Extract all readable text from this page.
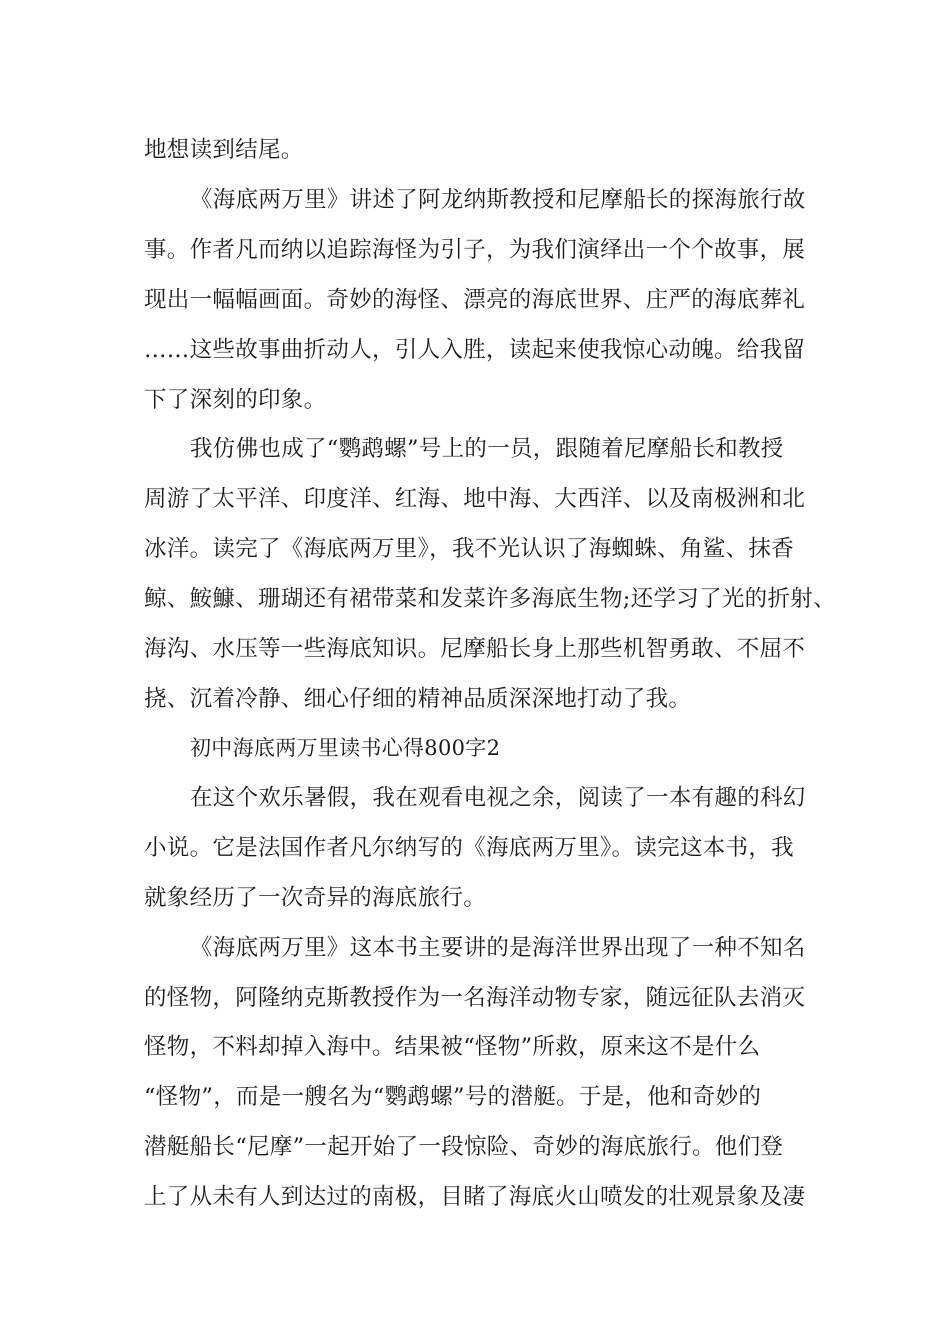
地想读到结尾。
《海底两万里》讲述了阿龙纳斯教授和尼摩船长的探海旅行故
事。作者凡而纳以追踪海怪为引子，为我们演绎出一个个故事，展
现出一幅幅画面。奇妙的海怪、漂亮的海底世界、庄严的海底葬礼
……这些故事曲折动人，引人入胜，读起来使我惊心动魄。给我留
下了深刻的印象。
我仿佛也成了“鹦鹉螺”号上的一员，跟随着尼摩船长和教授
周游了太平洋、印度洋、红海、地中海、大西洋、以及南极洲和北
冰洋。读完了《海底两万里》，我不光认识了海蜘蛛、角鲨、抹香
鲸、鮟鱇、珊瑚还有裙带菜和发菜许多海底生物;还学习了光的折射、
海沟、水压等一些海底知识。尼摩船长身上那些机智勇敢、不屈不
挠、沉着冷静、细心仔细的精神品质深深地打动了我。
初中海底两万里读书心得800字2
在这个欢乐暑假，我在观看电视之余，阅读了一本有趣的科幻
小说。它是法国作者凡尔纳写的《海底两万里》。读完这本书，我
就象经历了一次奇异的海底旅行。
《海底两万里》这本书主要讲的是海洋世界出现了一种不知名
的怪物，阿隆纳克斯教授作为一名海洋动物专家，随远征队去消灭
怪物，不料却掉入海中。结果被“怪物”所救，原来这不是什么
“怪物”，而是一艘名为“鹦鹉螺”号的潜艇。于是，他和奇妙的
潜艇船长“尼摩”一起开始了一段惊险、奇妙的海底旅行。他们登
上了从未有人到达过的南极，目睹了海底火山喷发的壮观景象及凄
